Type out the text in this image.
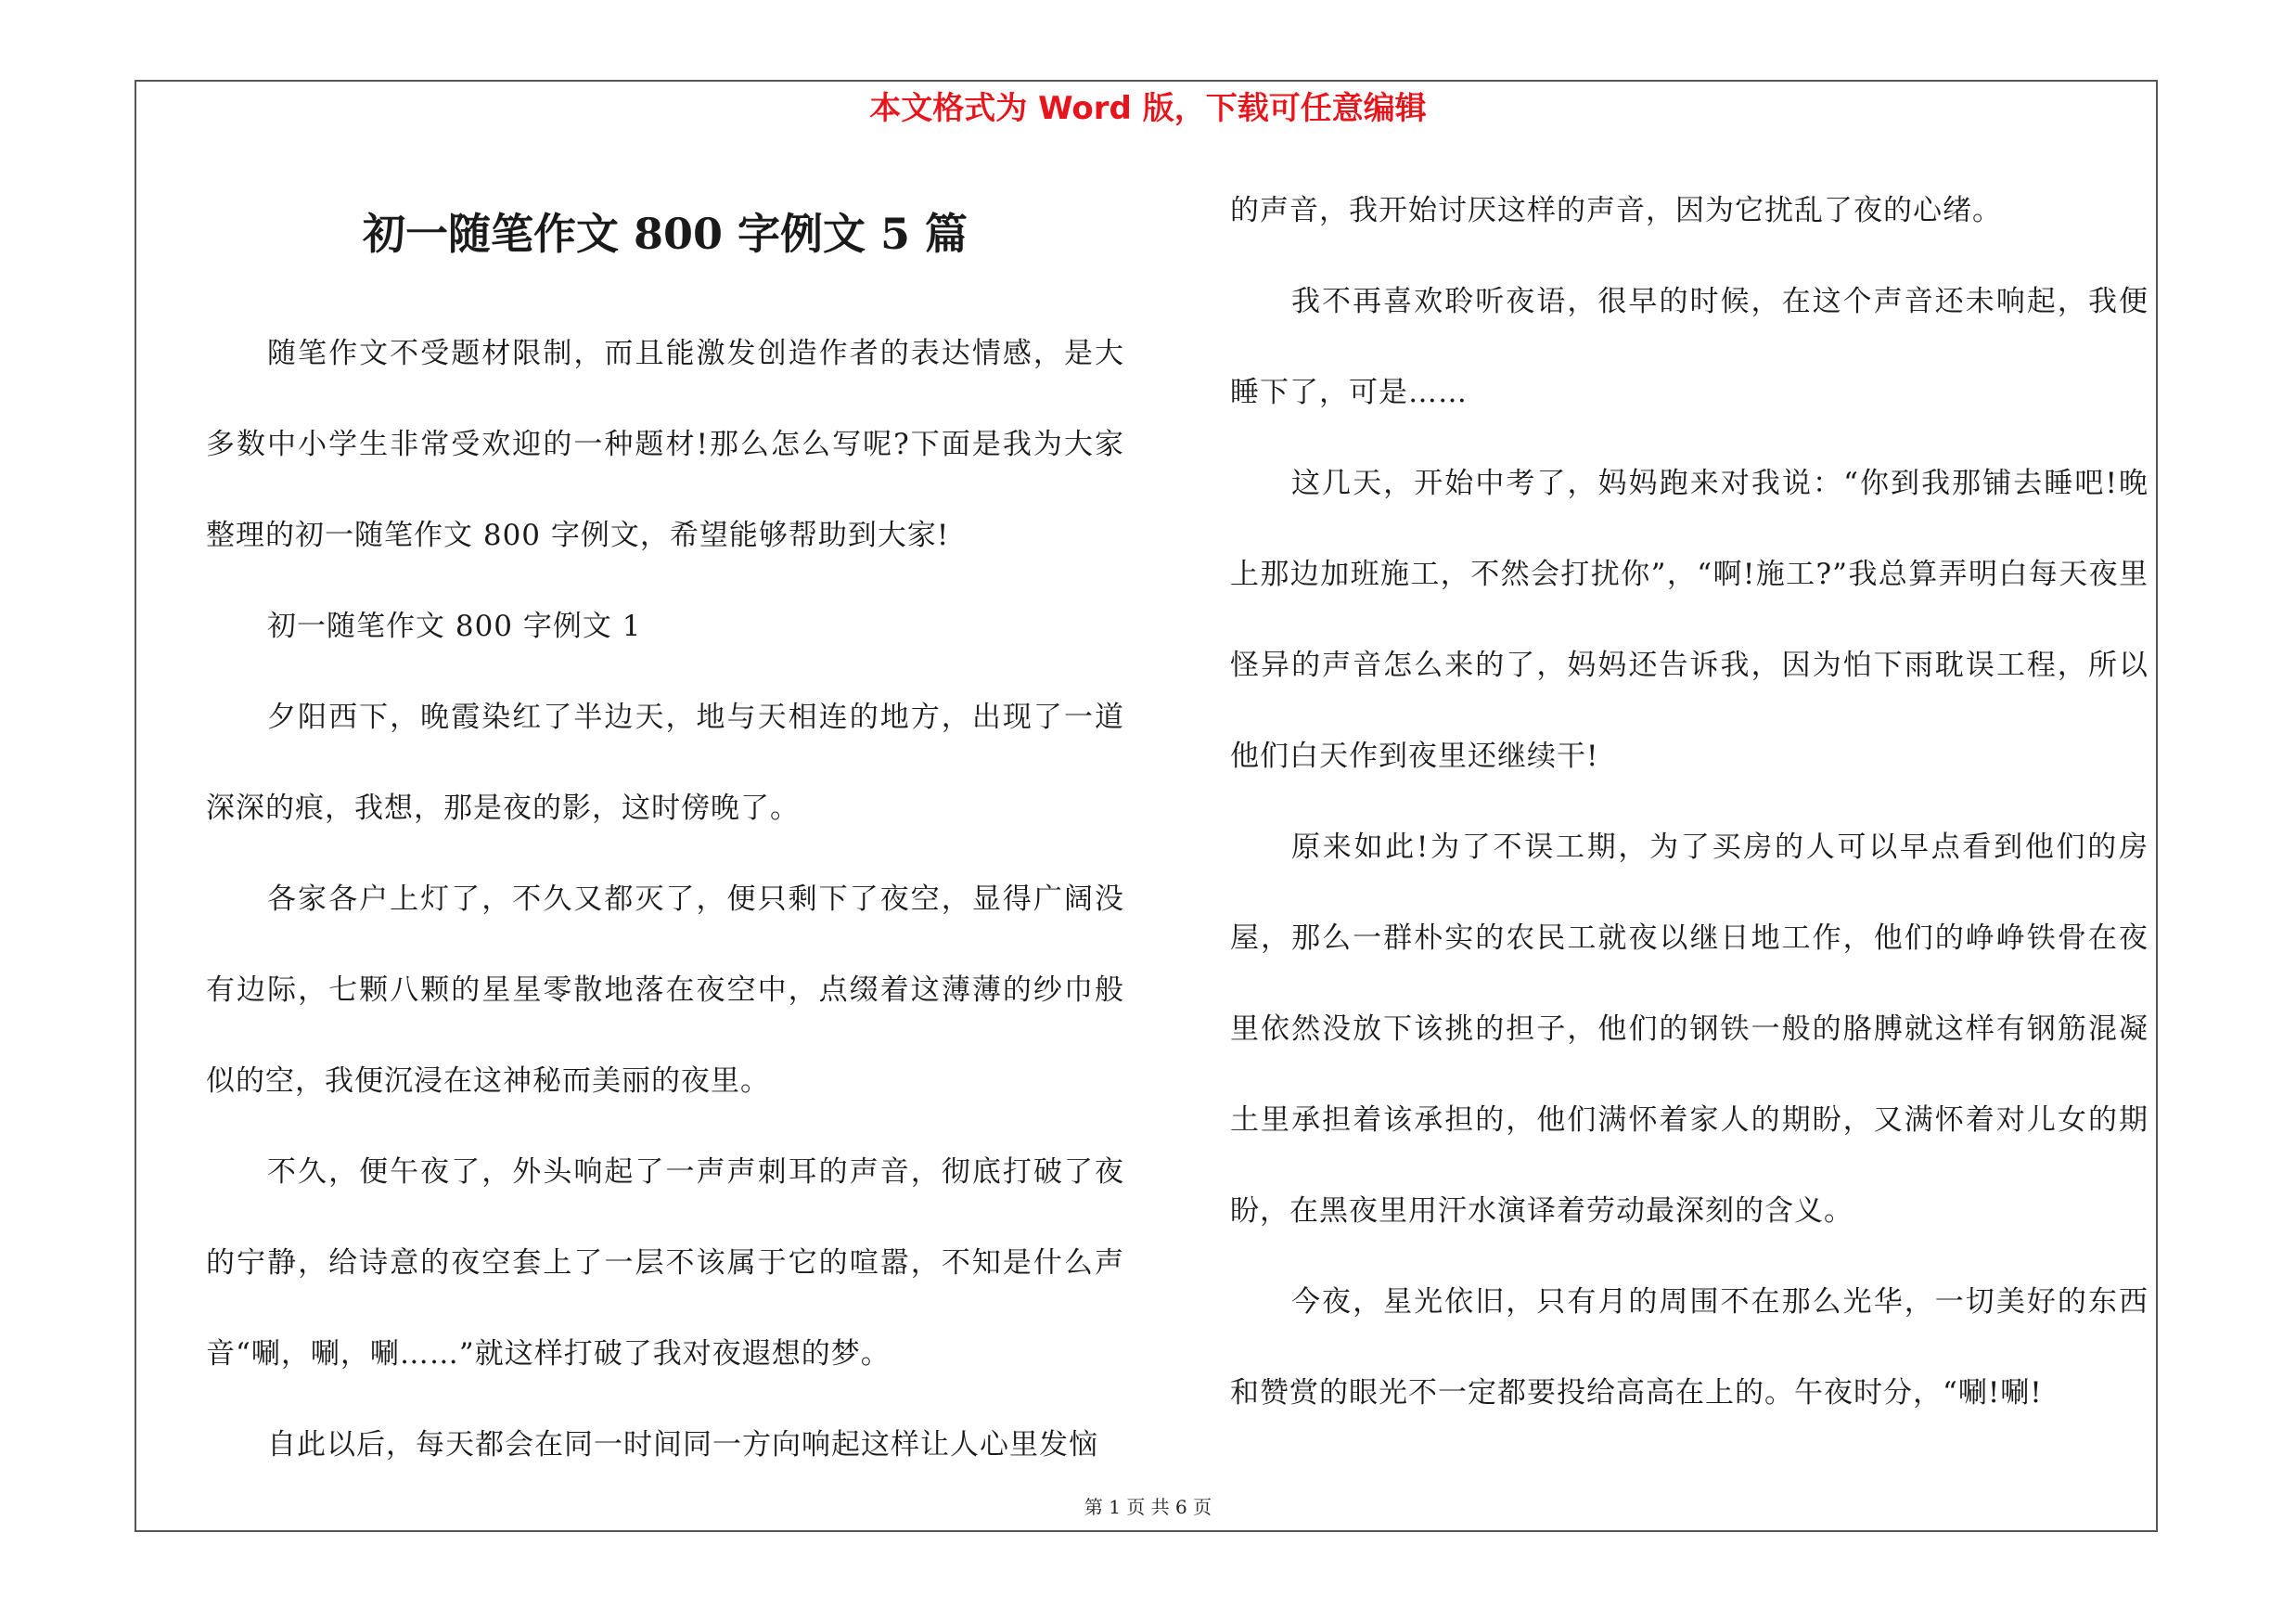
本文格式为 Word 版，下载可任意编辑
初一随笔作文 800 字例文 5 篇

随笔作文不受题材限制，而且能激发创造作者的表达情感，是大多数中小学生非常受欢迎的一种题材!那么怎么写呢?下面是我为大家整理的初一随笔作文 800 字例文，希望能够帮助到大家!

初一随笔作文 800 字例文 1

夕阳西下，晚霞染红了半边天，地与天相连的地方，出现了一道深深的痕，我想，那是夜的影，这时傍晚了。

各家各户上灯了，不久又都灭了，便只剩下了夜空，显得广阔没有边际，七颗八颗的星星零散地落在夜空中，点缀着这薄薄的纱巾般似的空，我便沉浸在这神秘而美丽的夜里。

不久，便午夜了，外头响起了一声声刺耳的声音，彻底打破了夜的宁静，给诗意的夜空套上了一层不该属于它的喧嚣，不知是什么声音“唰，唰，唰……”就这样打破了我对夜遐想的梦。

自此以后，每天都会在同一时间同一方向响起这样让人心里发恼

的声音，我开始讨厌这样的声音，因为它扰乱了夜的心绪。

我不再喜欢聆听夜语，很早的时候，在这个声音还未响起，我便睡下了，可是……

这几天，开始中考了，妈妈跑来对我说：“你到我那铺去睡吧!晚上那边加班施工，不然会打扰你”，“啊!施工?”我总算弄明白每天夜里怪异的声音怎么来的了，妈妈还告诉我，因为怕下雨耽误工程，所以他们白天作到夜里还继续干!

原来如此!为了不误工期，为了买房的人可以早点看到他们的房屋，那么一群朴实的农民工就夜以继日地工作，他们的峥峥铁骨在夜里依然没放下该挑的担子，他们的钢铁一般的胳膊就这样有钢筋混凝土里承担着该承担的，他们满怀着家人的期盼，又满怀着对儿女的期盼，在黑夜里用汗水演译着劳动最深刻的含义。

今夜，星光依旧，只有月的周围不在那么光华，一切美好的东西和赞赏的眼光不一定都要投给高高在上的。午夜时分，“唰!唰!

第 1 页 共 6 页
